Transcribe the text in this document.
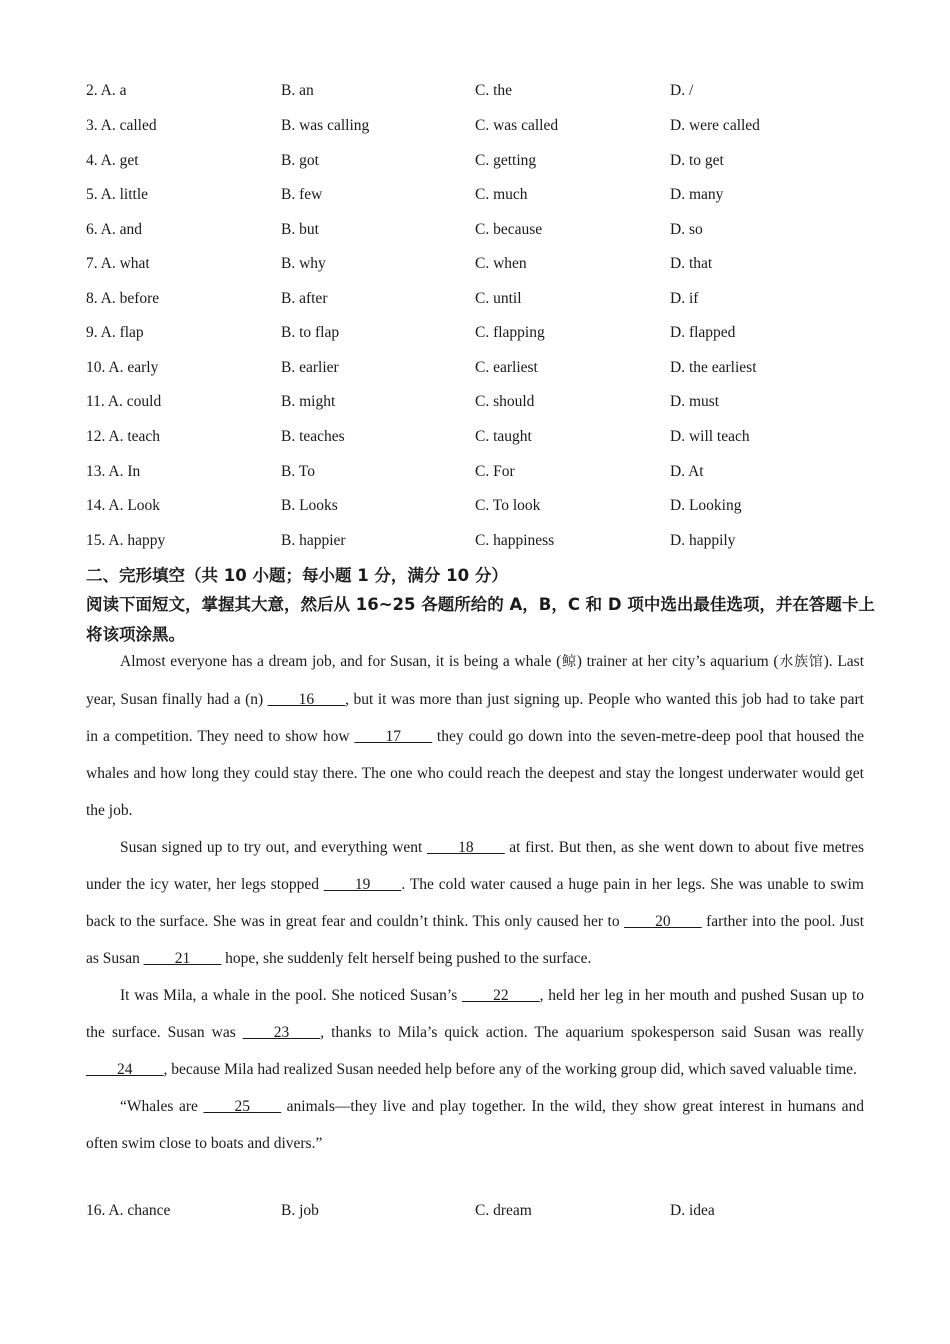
2. A. a	B. an	C. the	D. /
3. A. called	B. was calling	C. was called	D. were called
4. A. get	B. got	C. getting	D. to get
5. A. little	B. few	C. much	D. many
6. A. and	B. but	C. because	D. so
7. A. what	B. why	C. when	D. that
8. A. before	B. after	C. until	D. if
9. A. flap	B. to flap	C. flapping	D. flapped
10. A. early	B. earlier	C. earliest	D. the earliest
11. A. could	B. might	C. should	D. must
12. A. teach	B. teaches	C. taught	D. will teach
13. A. In	B. To	C. For	D. At
14. A. Look	B. Looks	C. To look	D. Looking
15. A. happy	B. happier	C. happiness	D. happily
二、完形填空（共 10 小题；每小题 1 分，满分 10 分）
阅读下面短文，掌握其大意，然后从 16~25 各题所给的 A，B，C 和 D 项中选出最佳选项，并在答题卡上将该项涂黑。

Almost everyone has a dream job, and for Susan, it is being a whale (鲸) trainer at her city’s aquarium (水族馆). Last year, Susan finally had a (n) ____16____, but it was more than just signing up. People who wanted this job had to take part in a competition. They need to show how ____17____ they could go down into the seven-metre-deep pool that housed the whales and how long they could stay there. The one who could reach the deepest and stay the longest underwater would get the job.

Susan signed up to try out, and everything went ____18____ at first. But then, as she went down to about five metres under the icy water, her legs stopped ____19____. The cold water caused a huge pain in her legs. She was unable to swim back to the surface. She was in great fear and couldn’t think. This only caused her to ____20____ farther into the pool. Just as Susan ____21____ hope, she suddenly felt herself being pushed to the surface.

It was Mila, a whale in the pool. She noticed Susan’s ____22____, held her leg in her mouth and pushed Susan up to the surface. Susan was ____23____, thanks to Mila’s quick action. The aquarium spokesperson said Susan was really ____24____, because Mila had realized Susan needed help before any of the working group did, which saved valuable time.

“Whales are ____25____ animals—they live and play together. In the wild, they show great interest in humans and often swim close to boats and divers.”

16. A. chance	B. job	C. dream	D. idea
